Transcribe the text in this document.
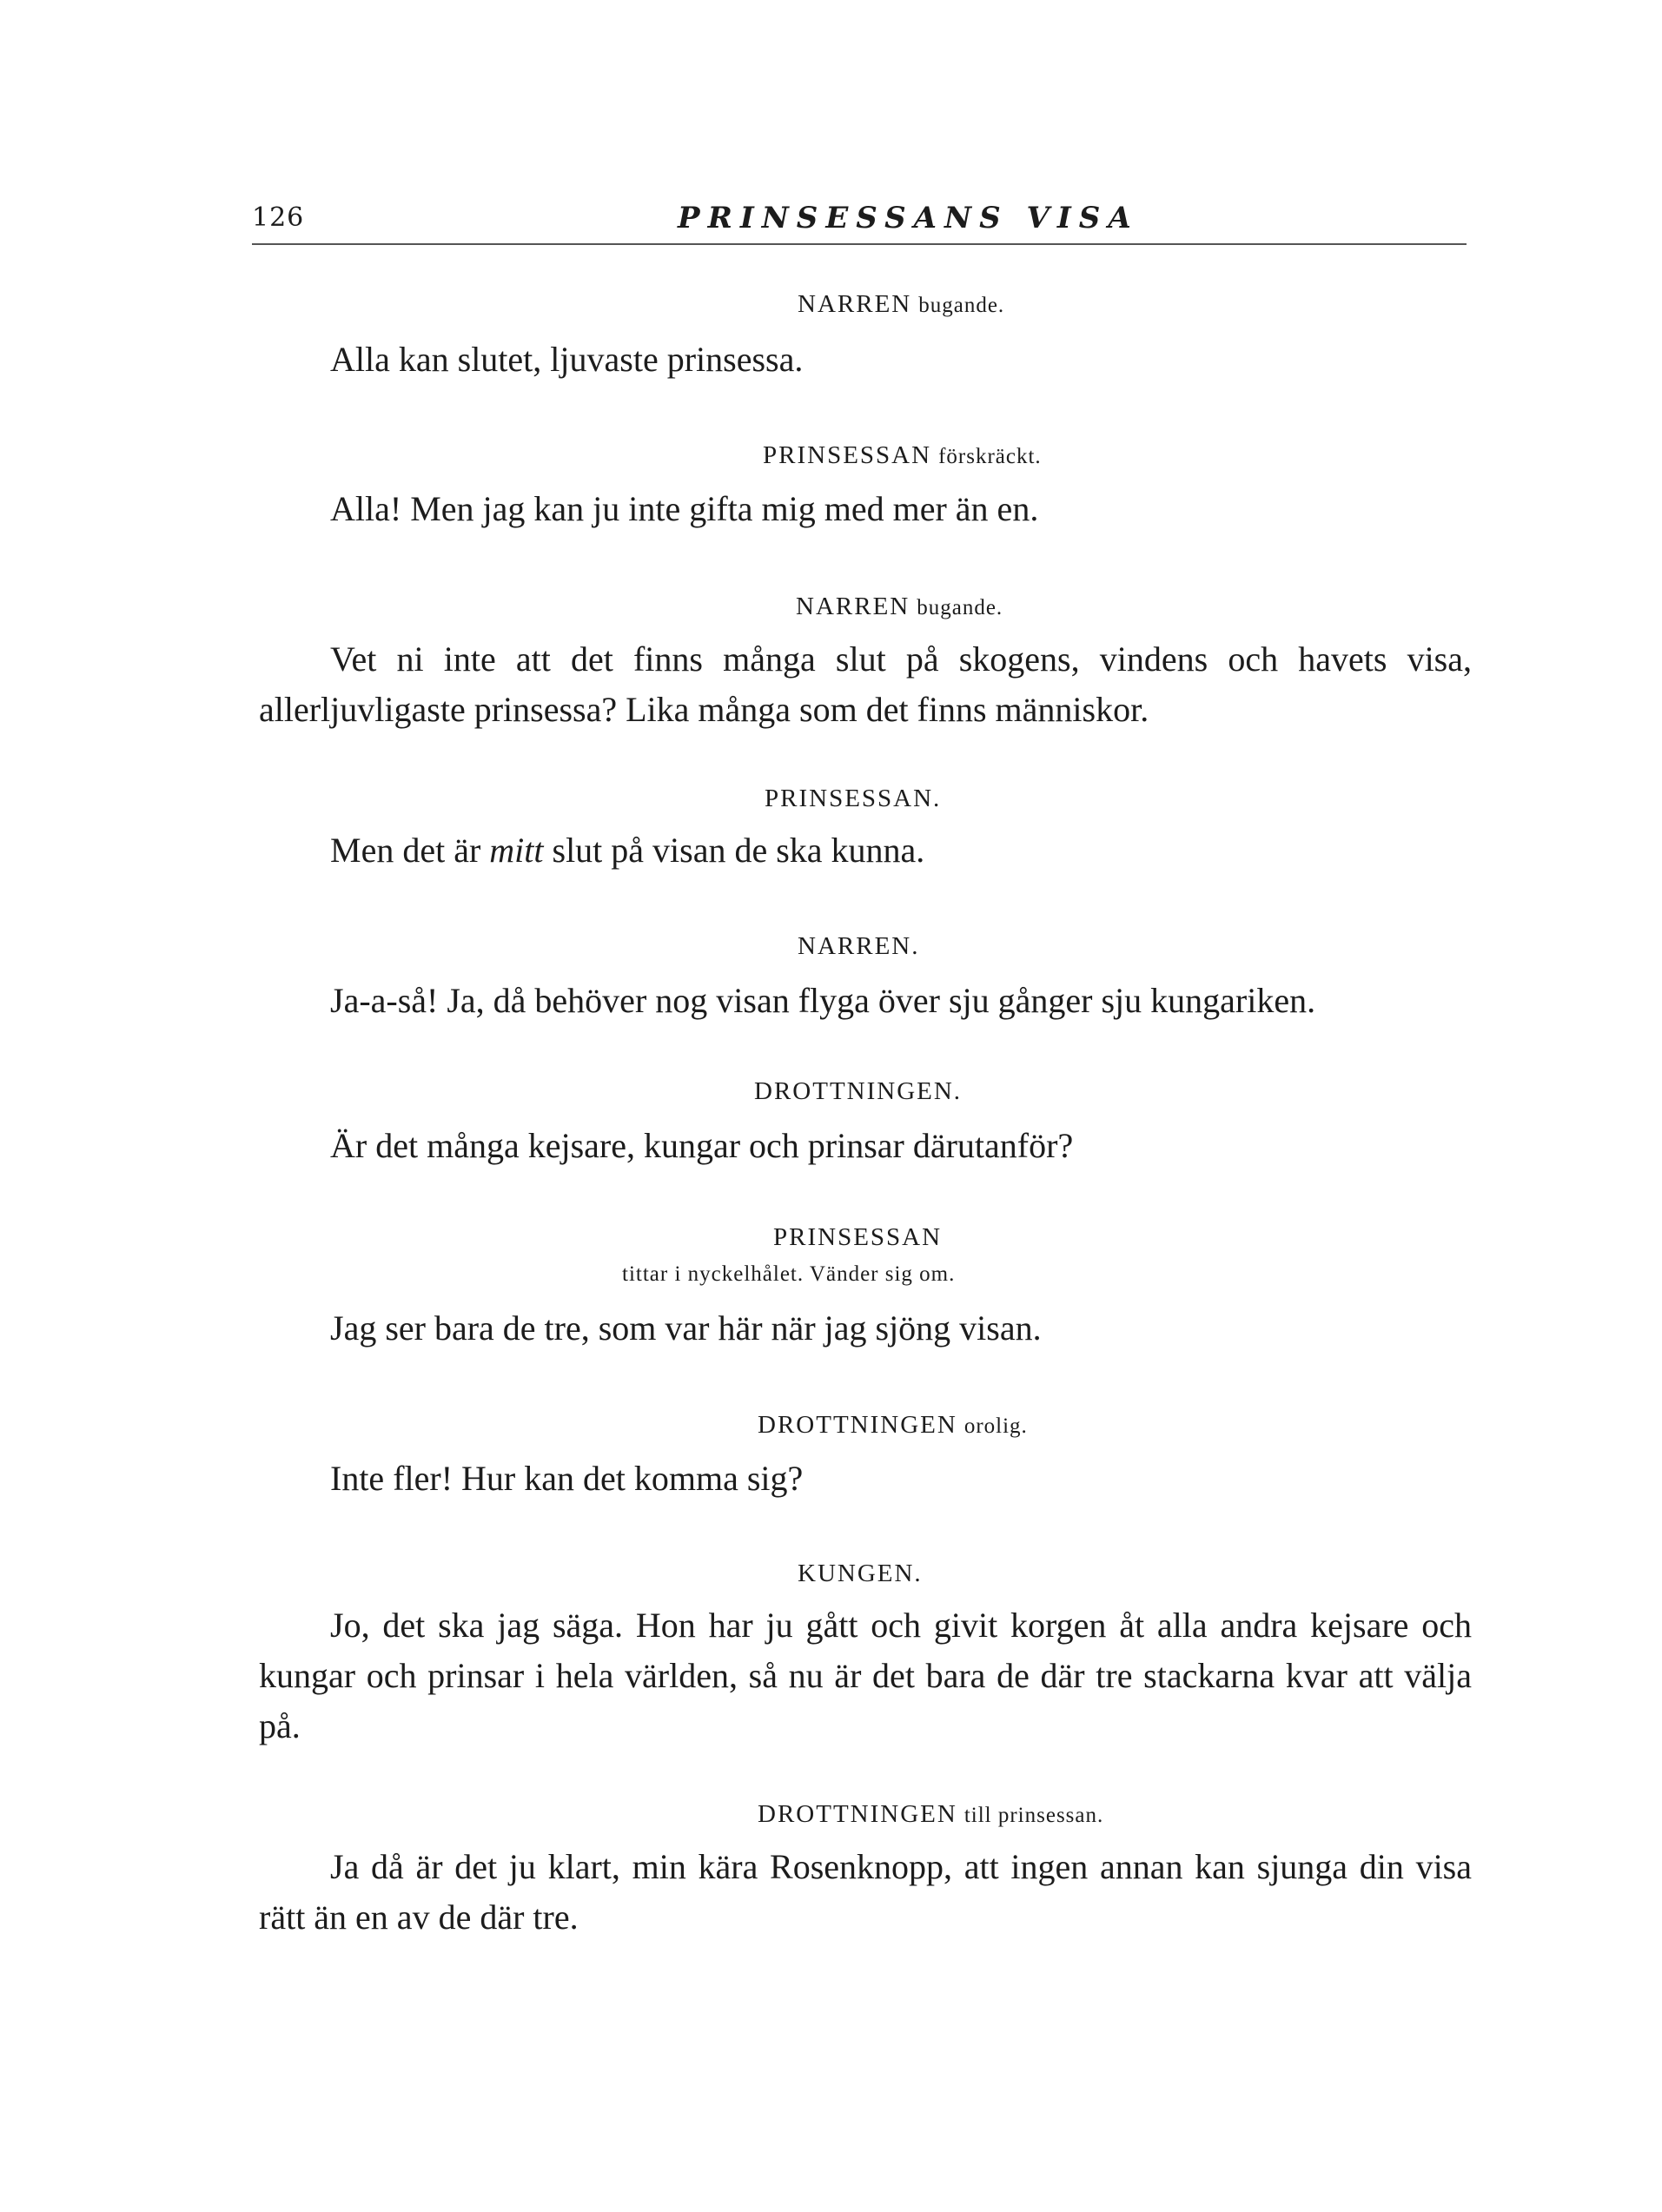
126	PRINSESSANS VISA
NARREN bugande.
Alla kan slutet, ljuvaste prinsessa.
PRINSESSAN förskräckt.
Alla! Men jag kan ju inte gifta mig med mer än en.
NARREN bugande.
Vet ni inte att det finns många slut på skogens, vindens och havets visa, allerljuvligaste prinsessa? Lika många som det finns människor.
PRINSESSAN.
Men det är mitt slut på visan de ska kunna.
NARREN.
Ja-a-så! Ja, då behöver nog visan flyga över sju gånger sju kungariken.
DROTTNINGEN.
Är det många kejsare, kungar och prinsar därutanför?
PRINSESSAN
tittar i nyckelhålet. Vänder sig om.
Jag ser bara de tre, som var här när jag sjöng visan.
DROTTNINGEN orolig.
Inte fler! Hur kan det komma sig?
KUNGEN.
Jo, det ska jag säga. Hon har ju gått och givit korgen åt alla andra kejsare och kungar och prinsar i hela världen, så nu är det bara de där tre stackarna kvar att välja på.
DROTTNINGEN till prinsessan.
Ja då är det ju klart, min kära Rosenknopp, att ingen annan kan sjunga din visa rätt än en av de där tre.
